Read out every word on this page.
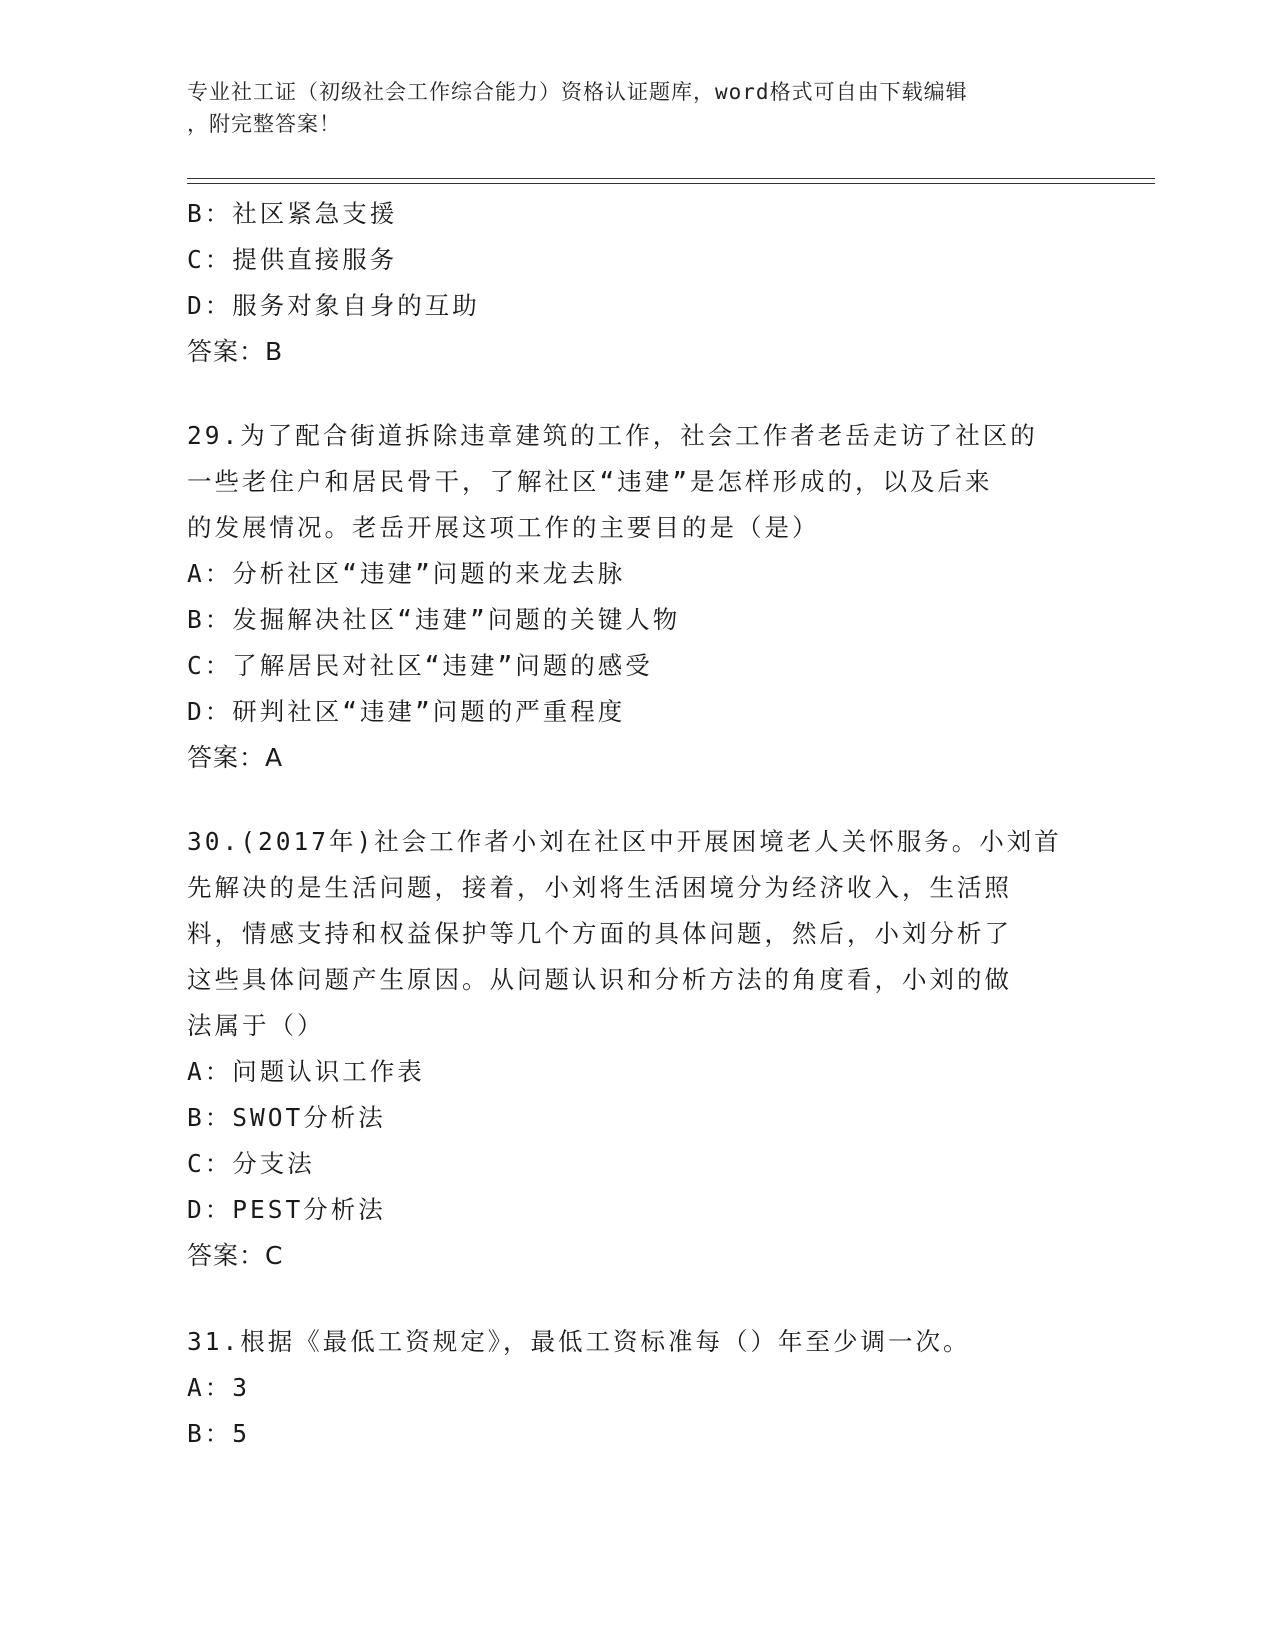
专业社工证（初级社会工作综合能力）资格认证题库，word格式可自由下载编辑
，附完整答案！
B：社区紧急支援
C：提供直接服务
D：服务对象自身的互助
答案：B
29.为了配合街道拆除违章建筑的工作，社会工作者老岳走访了社区的
一些老住户和居民骨干，了解社区“违建”是怎样形成的，以及后来
的发展情况。老岳开展这项工作的主要目的是（是）
A：分析社区“违建”问题的来龙去脉
B：发掘解决社区“违建”问题的关键人物
C：了解居民对社区“违建”问题的感受
D：研判社区“违建”问题的严重程度
答案：A
30.(2017年)社会工作者小刘在社区中开展困境老人关怀服务。小刘首
先解决的是生活问题，接着，小刘将生活困境分为经济收入，生活照
料，情感支持和权益保护等几个方面的具体问题，然后，小刘分析了
这些具体问题产生原因。从问题认识和分析方法的角度看，小刘的做
法属于（）
A：问题认识工作表
B：SWOT分析法
C：分支法
D：PEST分析法
答案：C
31.根据《最低工资规定》，最低工资标准每（）年至少调一次。
A：3
B：5
